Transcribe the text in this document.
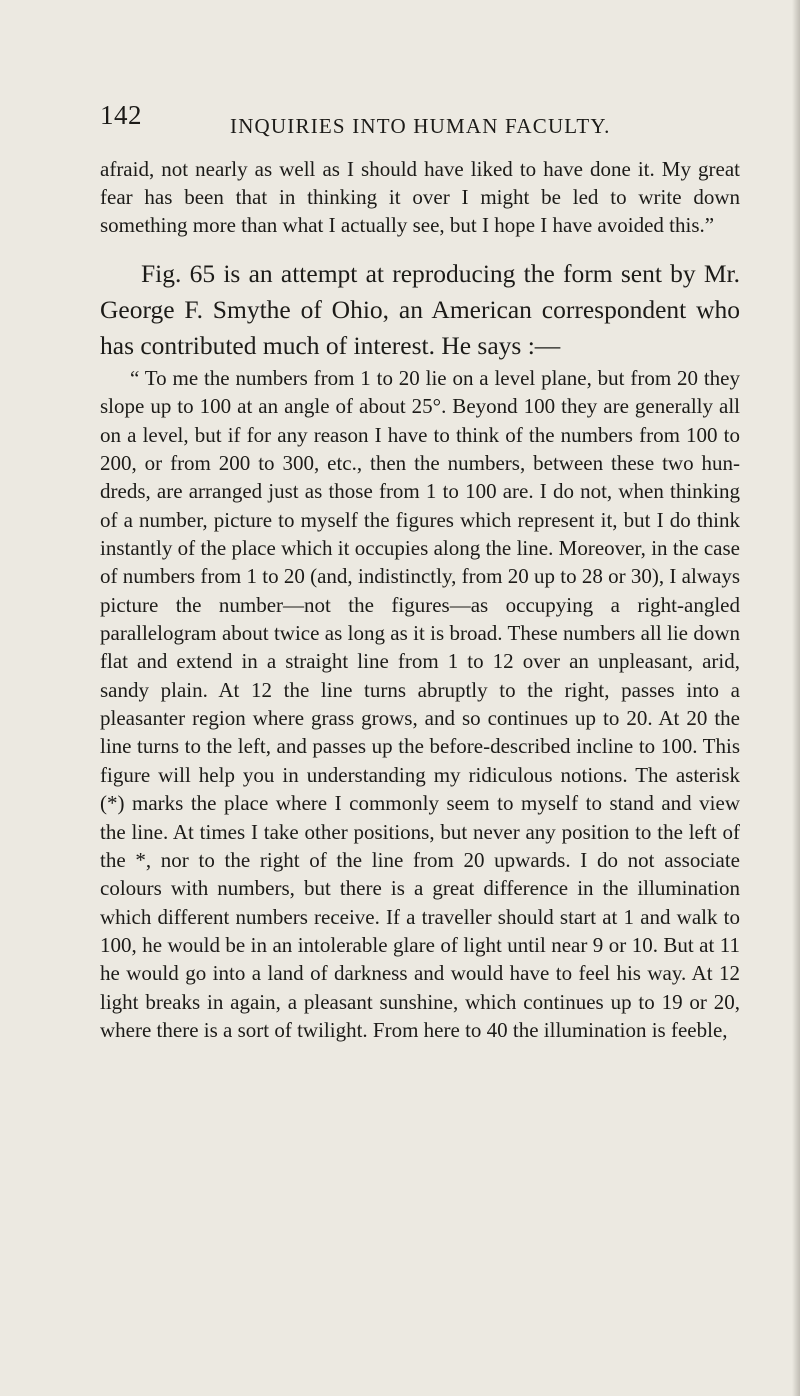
142	INQUIRIES INTO HUMAN FACULTY.

afraid, not nearly as well as I should have liked to have done it. My great fear has been that in thinking it over I might be led to write down something more than what I actually see, but I hope I have avoided this.”

Fig. 65 is an attempt at reproducing the form sent by Mr. George F. Smythe of Ohio, an American correspondent who has contributed much of interest. He says :—

“ To me the numbers from 1 to 20 lie on a level plane, but from 20 they slope up to 100 at an angle of about 25°. Beyond 100 they are generally all on a level, but if for any reason I have to think of the numbers from 100 to 200, or from 200 to 300, etc., then the numbers, between these two hundreds, are arranged just as those from 1 to 100 are. I do not, when thinking of a number, picture to myself the figures which represent it, but I do think instantly of the place which it occupies along the line. Moreover, in the case of numbers from 1 to 20 (and, indistinctly, from 20 up to 28 or 30), I always picture the number—not the figures—as occupying a right-angled parallelogram about twice as long as it is broad. These numbers all lie down flat and extend in a straight line from 1 to 12 over an unpleasant, arid, sandy plain. At 12 the line turns abruptly to the right, passes into a pleasanter region where grass grows, and so continues up to 20. At 20 the line turns to the left, and passes up the before-described incline to 100. This figure will help you in understanding my ridiculous notions. The asterisk (*) marks the place where I commonly seem to myself to stand and view the line. At times I take other positions, but never any position to the left of the *, nor to the right of the line from 20 upwards. I do not associate colours with numbers, but there is a great difference in the illumination which different numbers receive. If a traveller should start at 1 and walk to 100, he would be in an intolerable glare of light until near 9 or 10. But at 11 he would go into a land of darkness and would have to feel his way. At 12 light breaks in again, a pleasant sunshine, which continues up to 19 or 20, where there is a sort of twilight. From here to 40 the illumination is feeble,
